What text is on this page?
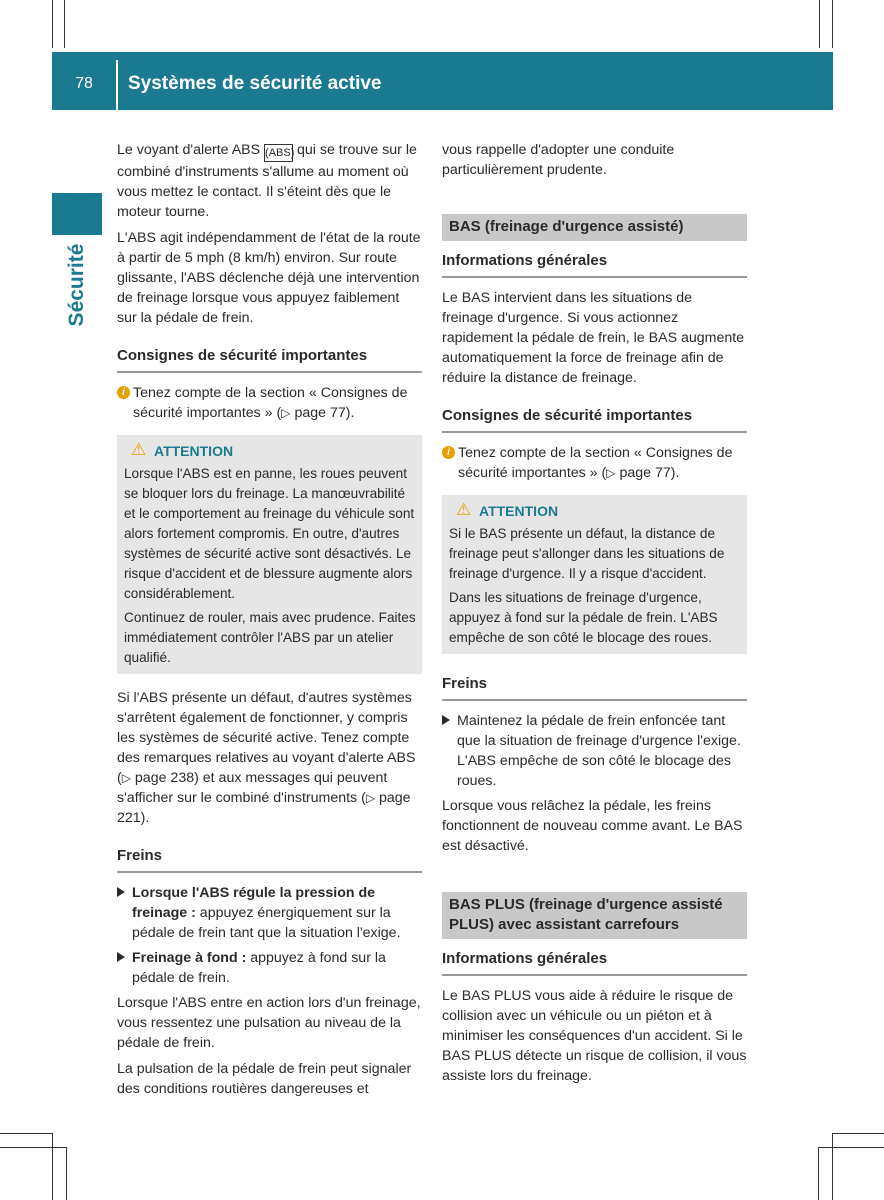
78	Systèmes de sécurité active
Sécurité

Le voyant d'alerte ABS (ABS) qui se trouve sur le combiné d'instruments s'allume au moment où vous mettez le contact. Il s'éteint dès que le moteur tourne.

L'ABS agit indépendamment de l'état de la route à partir de 5 mph (8 km/h) environ. Sur route glissante, l'ABS déclenche déjà une intervention de freinage lorsque vous appuyez faiblement sur la pédale de frein.

Consignes de sécurité importantes
i Tenez compte de la section « Consignes de sécurité importantes » (▷ page 77).
⚠ ATTENTION

Lorsque l'ABS est en panne, les roues peuvent se bloquer lors du freinage. La manœuvrabilité et le comportement au freinage du véhicule sont alors fortement compromis. En outre, d'autres systèmes de sécurité active sont désactivés. Le risque d'accident et de blessure augmente alors considérablement.

Continuez de rouler, mais avec prudence. Faites immédiatement contrôler l'ABS par un atelier qualifié.

Si l'ABS présente un défaut, d'autres systèmes s'arrêtent également de fonctionner, y compris les systèmes de sécurité active. Tenez compte des remarques relatives au voyant d'alerte ABS (▷ page 238) et aux messages qui peuvent s'afficher sur le combiné d'instruments (▷ page 221).

Freins
Lorsque l'ABS régule la pression de freinage : appuyez énergiquement sur la pédale de frein tant que la situation l'exige.
Freinage à fond : appuyez à fond sur la pédale de frein.

Lorsque l'ABS entre en action lors d'un freinage, vous ressentez une pulsation au niveau de la pédale de frein.

La pulsation de la pédale de frein peut signaler des conditions routières dangereuses et

vous rappelle d'adopter une conduite particulièrement prudente.

BAS (freinage d'urgence assisté)
Informations générales

Le BAS intervient dans les situations de freinage d'urgence. Si vous actionnez rapidement la pédale de frein, le BAS augmente automatiquement la force de freinage afin de réduire la distance de freinage.

Consignes de sécurité importantes
i Tenez compte de la section « Consignes de sécurité importantes » (▷ page 77).
⚠ ATTENTION

Si le BAS présente un défaut, la distance de freinage peut s'allonger dans les situations de freinage d'urgence. Il y a risque d'accident.

Dans les situations de freinage d'urgence, appuyez à fond sur la pédale de frein. L'ABS empêche de son côté le blocage des roues.

Freins
Maintenez la pédale de frein enfoncée tant que la situation de freinage d'urgence l'exige.
L'ABS empêche de son côté le blocage des roues.

Lorsque vous relâchez la pédale, les freins fonctionnent de nouveau comme avant. Le BAS est désactivé.

BAS PLUS (freinage d'urgence assisté PLUS) avec assistant carrefours
Informations générales

Le BAS PLUS vous aide à réduire le risque de collision avec un véhicule ou un piéton et à minimiser les conséquences d'un accident. Si le BAS PLUS détecte un risque de collision, il vous assiste lors du freinage.
